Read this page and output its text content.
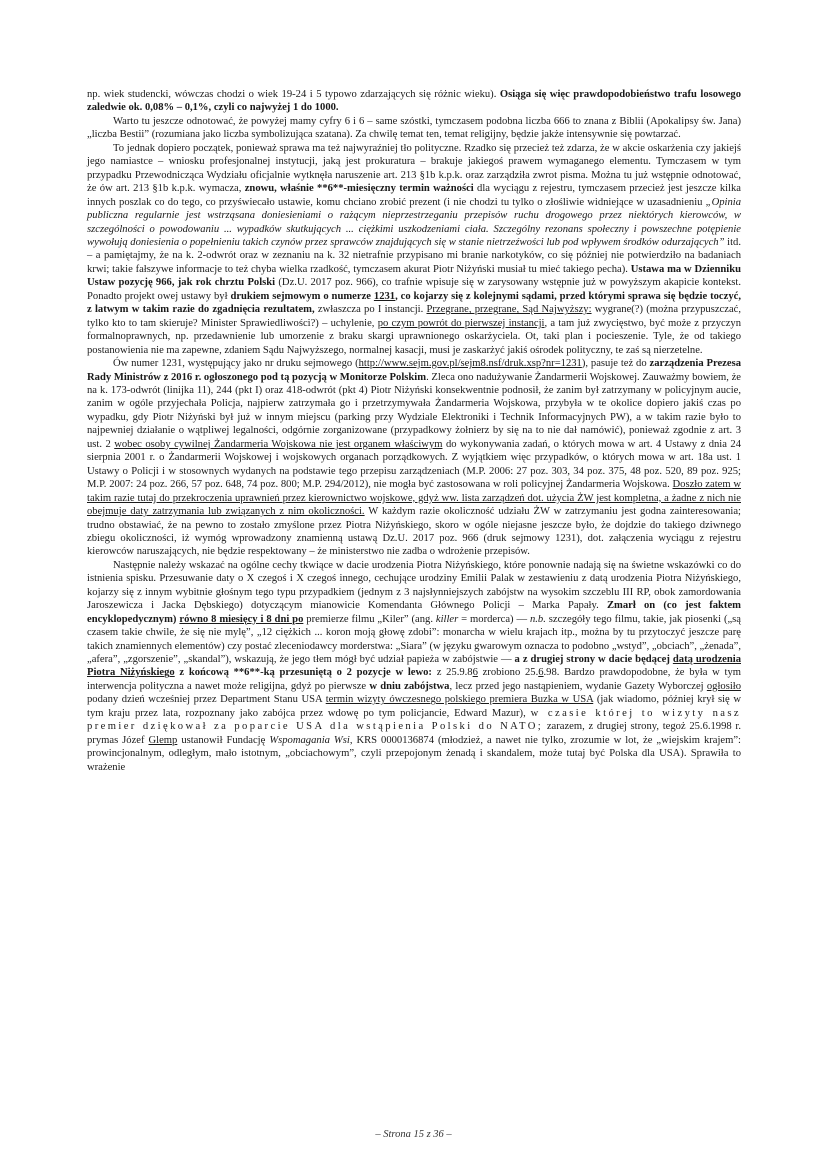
np. wiek studencki, wówczas chodzi o wiek 19-24 i 5 typowo zdarzających się różnic wieku). Osiąga się więc prawdopodobieństwo trafu losowego zaledwie ok. 0,08% – 0,1%, czyli co najwyżej 1 do 1000.

Warto tu jeszcze odnotować, że powyżej mamy cyfry 6 i 6 – same szóstki, tymczasem podobna liczba 666 to znana z Biblii (Apokalipsy św. Jana) „liczba Bestii” (rozumiana jako liczba symbolizująca szatana). Za chwilę temat ten, temat religijny, będzie jakże intensywnie się powtarzać.

To jednak dopiero początek, ponieważ sprawa ma też najwyraźniej tło polityczne. Rzadko się przecież też zdarza, że w akcie oskarżenia czy jakiejś jego namiastce – wniosku profesjonalnej instytucji, jaką jest prokuratura – brakuje jakiegoś prawem wymaganego elementu. Tymczasem w tym przypadku Przewodnicząca Wydziału oficjalnie wytknęła naruszenie art. 213 §1b k.p.k. oraz zarządziła zwrot pisma. Można tu już wstępnie odnotować, że ów art. 213 §1b k.p.k. wymacza, znowu, właśnie **6**-miesięczny termin ważności dla wyciągu z rejestru, tymczasem przecież jest jeszcze kilka innych poszlak co do tego, co przyświecało ustawie, komu chciano zrobić prezent (i nie chodzi tu tylko o złośliwie widniejące w uzasadnieniu „Opinia publiczna regularnie jest wstrząsana doniesieniami o rażącym nieprzestrzeganiu przepisów ruchu drogowego przez niektórych kierowców, w szczególności o powodowaniu ... wypadków skutkujących ... ciężkimi uszkodzeniami ciała. Szczególny rezonans społeczny i powszechne potępienie wywołują doniesienia o popełnieniu takich czynów przez sprawców znajdujących się w stanie nietrzeźwości lub pod wpływem środków odurzających” itd. – a pamiętajmy, że na k. 2-odwrót oraz w zeznaniu na k. 32 nietrafnie przypisano mi branie narkotyków, co się później nie potwierdziło na badaniach krwi; takie fałszywe informacje to też chyba wielka rzadkość, tymczasem akurat Piotr Niżyński musiał tu mieć takiego pecha). Ustawa ma w Dzienniku Ustaw pozycję 966, jak rok chrztu Polski (Dz.U. 2017 poz. 966), co trafnie wpisuje się w zarysowany wstępnie już w powyższym akapicie kontekst. Ponadto projekt owej ustawy był drukiem sejmowym o numerze 1231, co kojarzy się z kolejnymi sądami, przed którymi sprawa się będzie toczyć, z latwym w takim razie do zgadnięcia rezultatem, zwłaszcza po I instancji. Przegrane, przegrane, Sąd Najwyższy: wygrane(?) (można przypuszczać, tylko kto to tam skieruje? Minister Sprawiedliwości?) – uchylenie, po czym powrót do pierwszej instancji, a tam już zwycięstwo, być może z przyczyn formalnoprawnych, np. przedawnienie lub umorzenie z braku skargi uprawnionego oskarżyciela. Ot, taki plan i pocieszenie. Tyle, że od takiego postanowienia nie ma zapewne, zdaniem Sądu Najwyższego, normalnej kasacji, musi je zaskarżyć jakiś ośrodek polityczny, te zaś są nierzetelne.

Ów numer 1231, występujący jako nr druku sejmowego (http://www.sejm.gov.pl/sejm8.nsf/druk.xsp?nr=1231), pasuje też do zarządzenia Prezesa Rady Ministrów z 2016 r. ogłoszonego pod tą pozycją w Monitorze Polskim. Zleca ono nadużywanie Żandarmerii Wojskowej. Zauważmy bowiem, że na k. 173-odwrót (linijka 11), 244 (pkt I) oraz 418-odwrót (pkt 4) Piotr Niżyński konsekwentnie podnosił, że zanim był zatrzymany w policyjnym aucie, zanim w ogóle przyjechała Policja, najpierw zatrzymała go i przetrzymywała Żandarmeria Wojskowa, przybyła w te okolice dopiero jakiś czas po wypadku, gdy Piotr Niżyński był już w innym miejscu (parking przy Wydziale Elektroniki i Technik Informacyjnych PW), a w takim razie było to najpewniej działanie o wątpliwej legalności, odgórnie zorganizowane (przypadkowy żołnierz by się na to nie dał namówić), ponieważ zgodnie z art. 3 ust. 2 wobec osoby cywilnej Żandarmeria Wojskowa nie jest organem właściwym do wykonywania zadań, o których mowa w art. 4 Ustawy z dnia 24 sierpnia 2001 r. o Żandarmerii Wojskowej i wojskowych organach porządkowych. Z wyjątkiem więc przypadków, o których mowa w art. 18a ust. 1 Ustawy o Policji i w stosownych wydanych na podstawie tego przepisu zarządzeniach (M.P. 2006: 27 poz. 303, 34 poz. 375, 48 poz. 520, 89 poz. 925; M.P. 2007: 24 poz. 266, 57 poz. 648, 74 poz. 800; M.P. 294/2012), nie mogła być zastosowana w roli policyjnej Żandarmeria Wojskowa. Doszło zatem w takim razie tutaj do przekroczenia uprawnień przez kierownictwo wojskowe, gdyż ww. lista zarządzeń dot. użycia ŻW jest kompletna, a żadne z nich nie obejmuje daty zatrzymania lub związanych z nim okoliczności. W każdym razie okoliczność udziału ŻW w zatrzymaniu jest godna zainteresowania; trudno obstawiać, że na pewno to zostało zmyślone przez Piotra Niżyńskiego, skoro w ogóle niejasne jeszcze było, że dojdzie do takiego dziwnego zbiegu okoliczności, iż wymóg wprowadzony znamienną ustawą Dz.U. 2017 poz. 966 (druk sejmowy 1231), dot. załączenia wyciągu z rejestru kierowców naruszających, nie będzie respektowany – że ministerstwo nie zadba o wdrożenie przepisów.

Następnie należy wskazać na ogólne cechy tkwiące w dacie urodzenia Piotra Niżyńskiego, które ponownie nadają się na świetne wskazówki co do istnienia spisku. Przesuwanie daty o X czegoś i X czegoś innego, cechujące urodziny Emilii Palak w zestawieniu z datą urodzenia Piotra Niżyńskiego, kojarzy się z innym wybitnie głośnym tego typu przypadkiem (jednym z 3 najsłynniejszych zabójstw na wysokim szczeblu III RP, obok zamordowania Jaroszewicza i Jacka Dębskiego) dotyczącym mianowicie Komendanta Głównego Policji – Marka Papały. Zmarł on (co jest faktem encyklopedycznym) równo 8 miesięcy i 8 dni po premierze filmu „Kiler” (ang. killer = morderca) — n.b. szczegóły tego filmu, takie, jak piosenki („są czasem takie chwile, że się nie mylę”, „12 ciężkich ... koron moją głowę zdobi”: monarcha w wielu krajach itp., można by tu przytoczyć jeszcze parę takich znamiennych elementów) czy postać zleceniodawcy morderstwa: „Siara” (w języku gwarowym oznacza to podobno „wstyd”, „obciach”, „żenada”, „afera”, „zgorszenie”, „skandal”), wskazują, że jego tłem mógł być udział papieża w zabójstwie — a z drugiej strony w dacie będącej datą urodzenia Piotra Niżyńskiego z końcową **6**-ką przesuniętą o 2 pozycje w lewo: z 25.9.86 zrobiono 25.6.98. Bardzo prawdopodobne, że była w tym interwencja polityczna a nawet może religijna, gdyż po pierwsze w dniu zabójstwa, lecz przed jego nastąpieniem, wydanie Gazety Wyborczej ogłosiło podany dzień wcześniej przez Department Stanu USA termin wizyty ówczesnego polskiego premiera Buzka w USA (jak wiadomo, później krył się w tym kraju przez lata, rozpoznany jako zabójca przez wdowę po tym policjancie, Edward Mazur), w czasie której to wizyty nasz premier dziękował za poparcie USA dla wstąpienia Polski do NATO; zarazem, z drugiej strony, tegoż 25.6.1998 r. prymas Józef Glemp ustanowił Fundację Wspomagania Wsi, KRS 0000136874 (młodzież, a nawet nie tylko, zrozumie w lot, że „wiejskim krajem”: prowincjonalnym, odległym, mało istotnym, „obciachowym”, czyli przepojonym żenadą i skandalem, może tutaj być Polska dla USA). Sprawiła to wrażenie

– Strona 15 z 36 –
